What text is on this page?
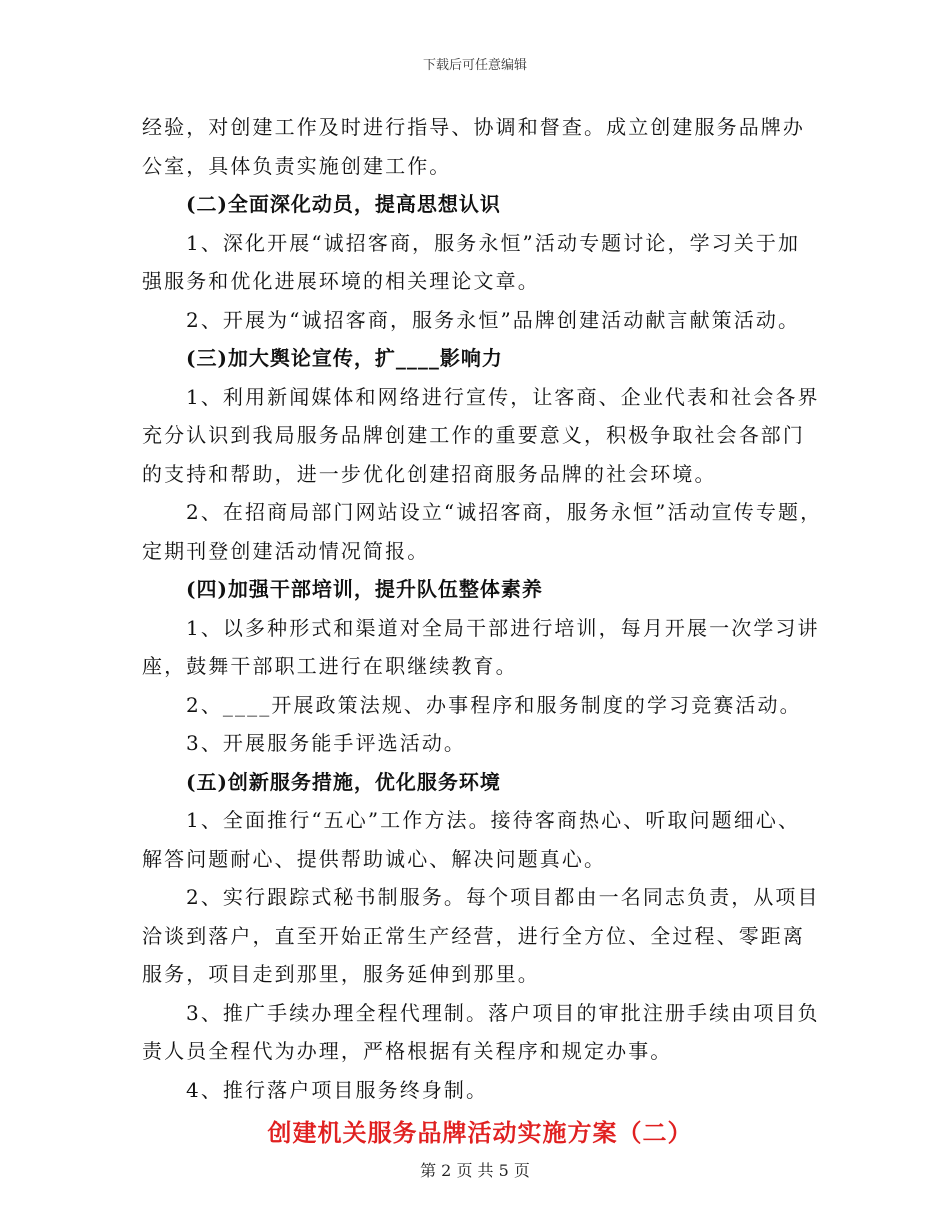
下载后可任意编辑
经验，对创建工作及时进行指导、协调和督查。成立创建服务品牌办
公室，具体负责实施创建工作。
(二)全面深化动员，提高思想认识
1、深化开展“诚招客商，服务永恒”活动专题讨论，学习关于加
强服务和优化进展环境的相关理论文章。
2、开展为“诚招客商，服务永恒”品牌创建活动献言献策活动。
(三)加大舆论宣传，扩____影响力
1、利用新闻媒体和网络进行宣传，让客商、企业代表和社会各界
充分认识到我局服务品牌创建工作的重要意义，积极争取社会各部门
的支持和帮助，进一步优化创建招商服务品牌的社会环境。
2、在招商局部门网站设立“诚招客商，服务永恒”活动宣传专题，
定期刊登创建活动情况简报。
(四)加强干部培训，提升队伍整体素养
1、以多种形式和渠道对全局干部进行培训，每月开展一次学习讲
座，鼓舞干部职工进行在职继续教育。
2、____开展政策法规、办事程序和服务制度的学习竞赛活动。
3、开展服务能手评选活动。
(五)创新服务措施，优化服务环境
1、全面推行“五心”工作方法。接待客商热心、听取问题细心、
解答问题耐心、提供帮助诚心、解决问题真心。
2、实行跟踪式秘书制服务。每个项目都由一名同志负责，从项目
洽谈到落户，直至开始正常生产经营，进行全方位、全过程、零距离
服务，项目走到那里，服务延伸到那里。
3、推广手续办理全程代理制。落户项目的审批注册手续由项目负
责人员全程代为办理，严格根据有关程序和规定办事。
4、推行落户项目服务终身制。
创建机关服务品牌活动实施方案（二）
第 2 页 共 5 页
